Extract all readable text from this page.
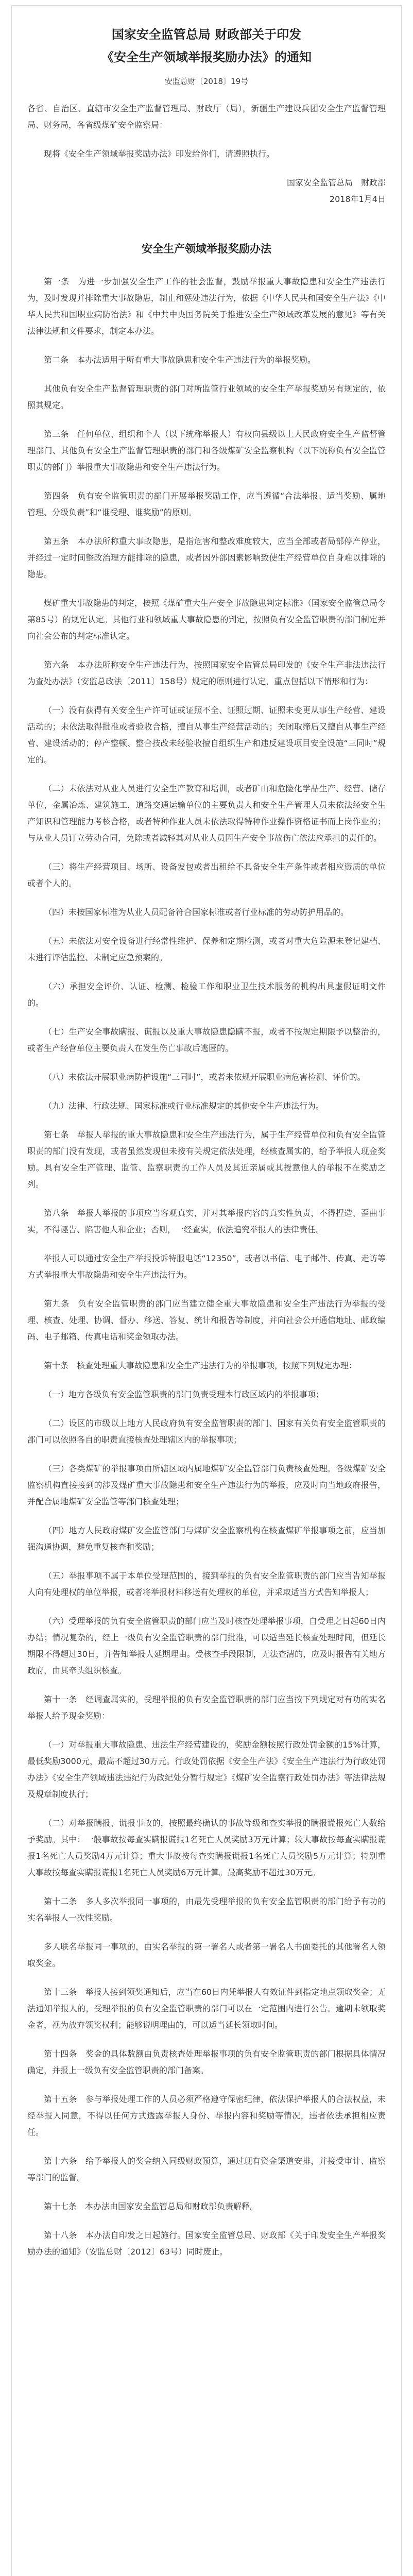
国家安全监管总局 财政部关于印发
《安全生产领域举报奖励办法》的通知
安监总财〔2018〕19号

各省、自治区、直辖市安全生产监督管理局、财政厅（局），新疆生产建设兵团安全生产监督管理局、财务局，各省级煤矿安全监察局：

现将《安全生产领域举报奖励办法》印发给你们，请遵照执行。

国家安全监管总局　财政部

2018年1月4日

安全生产领域举报奖励办法

第一条　为进一步加强安全生产工作的社会监督，鼓励举报重大事故隐患和安全生产违法行为，及时发现并排除重大事故隐患，制止和惩处违法行为，依据《中华人民共和国安全生产法》《中华人民共和国职业病防治法》和《中共中央国务院关于推进安全生产领域改革发展的意见》等有关法律法规和文件要求，制定本办法。

第二条　本办法适用于所有重大事故隐患和安全生产违法行为的举报奖励。

其他负有安全生产监督管理职责的部门对所监管行业领域的安全生产举报奖励另有规定的，依照其规定。

第三条　任何单位、组织和个人（以下统称举报人）有权向县级以上人民政府安全生产监督管理部门、其他负有安全生产监督管理职责的部门和各级煤矿安全监察机构（以下统称负有安全监管职责的部门）举报重大事故隐患和安全生产违法行为。

第四条　负有安全监管职责的部门开展举报奖励工作，应当遵循“合法举报、适当奖励、属地管理、分级负责”和“谁受理、谁奖励”的原则。

第五条　本办法所称重大事故隐患，是指危害和整改难度较大，应当全部或者局部停产停业，并经过一定时间整改治理方能排除的隐患，或者因外部因素影响致使生产经营单位自身难以排除的隐患。

煤矿重大事故隐患的判定，按照《煤矿重大生产安全事故隐患判定标准》（国家安全监管总局令第85号）的规定认定。其他行业和领域重大事故隐患的判定，按照负有安全监管职责的部门制定并向社会公布的判定标准认定。

第六条　本办法所称安全生产违法行为，按照国家安全监管总局印发的《安全生产非法违法行为查处办法》（安监总政法〔2011〕158号）规定的原则进行认定，重点包括以下情形和行为：

（一）没有获得有关安全生产许可证或证照不全、证照过期、证照未变更从事生产经营、建设活动的；未依法取得批准或者验收合格，擅自从事生产经营活动的；关闭取缔后又擅自从事生产经营、建设活动的；停产整顿、整合技改未经验收擅自组织生产和违反建设项目安全设施“三同时”规定的。

（二）未依法对从业人员进行安全生产教育和培训，或者矿山和危险化学品生产、经营、储存单位，金属冶炼、建筑施工，道路交通运输单位的主要负责人和安全生产管理人员未依法经安全生产知识和管理能力考核合格，或者特种作业人员未依法取得特种作业操作资格证书而上岗作业的；与从业人员订立劳动合同，免除或者减轻其对从业人员因生产安全事故伤亡依法应承担的责任的。

（三）将生产经营项目、场所、设备发包或者出租给不具备安全生产条件或者相应资质的单位或者个人的。

（四）未按国家标准为从业人员配备符合国家标准或者行业标准的劳动防护用品的。

（五）未依法对安全设备进行经常性维护、保养和定期检测，或者对重大危险源未登记建档、未进行评估监控、未制定应急预案的。

（六）承担安全评价、认证、检测、检验工作和职业卫生技术服务的机构出具虚假证明文件的。

（七）生产安全事故瞒报、谎报以及重大事故隐患隐瞒不报，或者不按规定期限予以整治的，或者生产经营单位主要负责人在发生伤亡事故后逃匿的。

（八）未依法开展职业病防护设施“三同时”，或者未依规开展职业病危害检测、评价的。

（九）法律、行政法规、国家标准或行业标准规定的其他安全生产违法行为。

第七条　举报人举报的重大事故隐患和安全生产违法行为，属于生产经营单位和负有安全监管职责的部门没有发现，或者虽然发现但未按有关规定依法处理，经核查属实的，给予举报人现金奖励。具有安全生产管理、监管、监察职责的工作人员及其近亲属或其授意他人的举报不在奖励之列。

第八条　举报人举报的事项应当客观真实，并对其举报内容的真实性负责，不得捏造、歪曲事实，不得诬告、陷害他人和企业；否则，一经查实，依法追究举报人的法律责任。

举报人可以通过安全生产举报投诉特服电话“12350”，或者以书信、电子邮件、传真、走访等方式举报重大事故隐患和安全生产违法行为。

第九条　负有安全监管职责的部门应当建立健全重大事故隐患和安全生产违法行为举报的受理、核查、处理、协调、督办、移送、答复、统计和报告等制度，并向社会公开通信地址、邮政编码、电子邮箱、传真电话和奖金领取办法。

第十条　核查处理重大事故隐患和安全生产违法行为的举报事项，按照下列规定办理：

（一）地方各级负有安全监管职责的部门负责受理本行政区域内的举报事项；

（二）设区的市级以上地方人民政府负有安全监管职责的部门、国家有关负有安全监管职责的部门可以依照各自的职责直接核查处理辖区内的举报事项；

（三）各类煤矿的举报事项由所辖区域内属地煤矿安全监管部门负责核查处理。各级煤矿安全监察机构直接接到的涉及煤矿重大事故隐患和安全生产违法行为的举报，应及时向当地政府报告，并配合属地煤矿安全监管等部门核查处理；

（四）地方人民政府煤矿安全监管部门与煤矿安全监察机构在核查煤矿举报事项之前，应当加强沟通协调，避免重复核查和奖励；

（五）举报事项不属于本单位受理范围的，接到举报的负有安全监管职责的部门应当告知举报人向有处理权的单位举报，或者将举报材料移送有处理权的单位，并采取适当方式告知举报人；

（六）受理举报的负有安全监管职责的部门应当及时核查处理举报事项，自受理之日起60日内办结；情况复杂的，经上一级负有安全监管职责的部门批准，可以适当延长核查处理时间，但延长期限不得超过30日，并告知举报人延期理由。受核查手段限制，无法查清的，应及时报告有关地方政府，由其牵头组织核查。

第十一条　经调查属实的，受理举报的负有安全监管职责的部门应当按下列规定对有功的实名举报人给予现金奖励：

（一）对举报重大事故隐患、违法生产经营建设的，奖励金额按照行政处罚金额的15%计算，最低奖励3000元，最高不超过30万元。行政处罚依据《安全生产法》《安全生产违法行为行政处罚办法》《安全生产领域违法违纪行为政纪处分暂行规定》《煤矿安全监察行政处罚办法》等法律法规及规章制度执行；

（二）对举报瞒报、谎报事故的，按照最终确认的事故等级和查实举报的瞒报谎报死亡人数给予奖励。其中：一般事故按每查实瞒报谎报1名死亡人员奖励3万元计算；较大事故按每查实瞒报谎报1名死亡人员奖励4万元计算；重大事故按每查实瞒报谎报1名死亡人员奖励5万元计算；特别重大事故按每查实瞒报谎报1名死亡人员奖励6万元计算。最高奖励不超过30万元。

第十二条　多人多次举报同一事项的，由最先受理举报的负有安全监管职责的部门给予有功的实名举报人一次性奖励。

多人联名举报同一事项的，由实名举报的第一署名人或者第一署名人书面委托的其他署名人领取奖金。

第十三条　举报人接到领奖通知后，应当在60日内凭举报人有效证件到指定地点领取奖金；无法通知举报人的，受理举报的负有安全监管职责的部门可以在一定范围内进行公告。逾期未领取奖金者，视为放弃领奖权利；能够说明理由的，可以适当延长领取时间。

第十四条　奖金的具体数额由负责核查处理举报事项的负有安全监管职责的部门根据具体情况确定，并报上一级负有安全监管职责的部门备案。

第十五条　参与举报处理工作的人员必须严格遵守保密纪律，依法保护举报人的合法权益，未经举报人同意，不得以任何方式透露举报人身份、举报内容和奖励等情况，违者依法承担相应责任。

第十六条　给予举报人的奖金纳入同级财政预算，通过现有资金渠道安排，并接受审计、监察等部门的监督。

第十七条　本办法由国家安全监管总局和财政部负责解释。

第十八条　本办法自印发之日起施行。国家安全监管总局、财政部《关于印发安全生产举报奖励办法的通知》（安监总财〔2012〕63号）同时废止。
